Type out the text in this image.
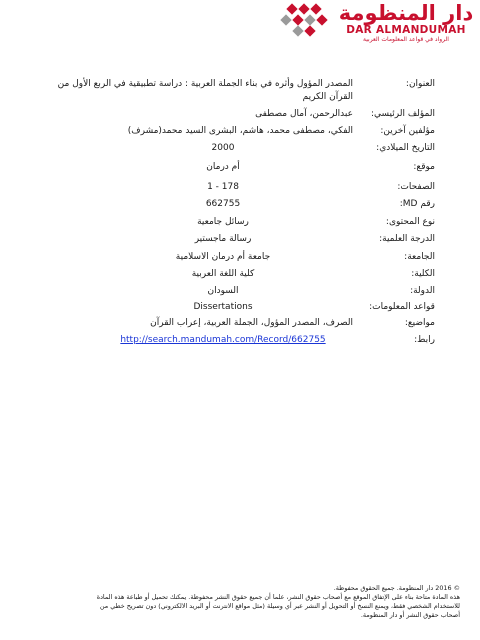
دار المنظومة
DAR ALMANDUMAH
الرواد في قواعد المعلومات العربية
العنوان:
المصدر المؤول وأثره في بناء الجملة العربية : دراسة تطبيقية في الربع الأول من القرآن الكريم
المؤلف الرئيسي:
عبدالرحمن، آمال مصطفى
مؤلفين آخرين:
الفكي، مصطفى محمد، هاشم، البشرى السيد محمد(مشرف)
التاريخ الميلادي:
2000
موقع:
أم درمان
الصفحات:
1 - 178
رقم MD:
662755
نوع المحتوى:
رسائل جامعية
الدرجة العلمية:
رسالة ماجستير
الجامعة:
جامعة أم درمان الاسلامية
الكلية:
كلية اللغة العربية
الدولة:
السودان
قواعد المعلومات:
Dissertations
مواضيع:
الصرف، المصدر المؤول، الجملة العربية، إعراب القرآن
رابط:
http://search.mandumah.com/Record/662755

© 2016 دار المنظومة. جميع الحقوق محفوظة.

هذه المادة متاحة بناء على الإتفاق الموقع مع أصحاب حقوق النشر، علما أن جميع حقوق النشر محفوظة. يمكنك تحميل أو طباعة هذه المادة

للاستخدام الشخصي فقط، ويمنع النسخ أو التحويل أو النشر عبر أي وسيلة (مثل مواقع الانترنت أو البريد الالكتروني) دون تصريح خطي من

أصحاب حقوق النشر أو دار المنظومة.
